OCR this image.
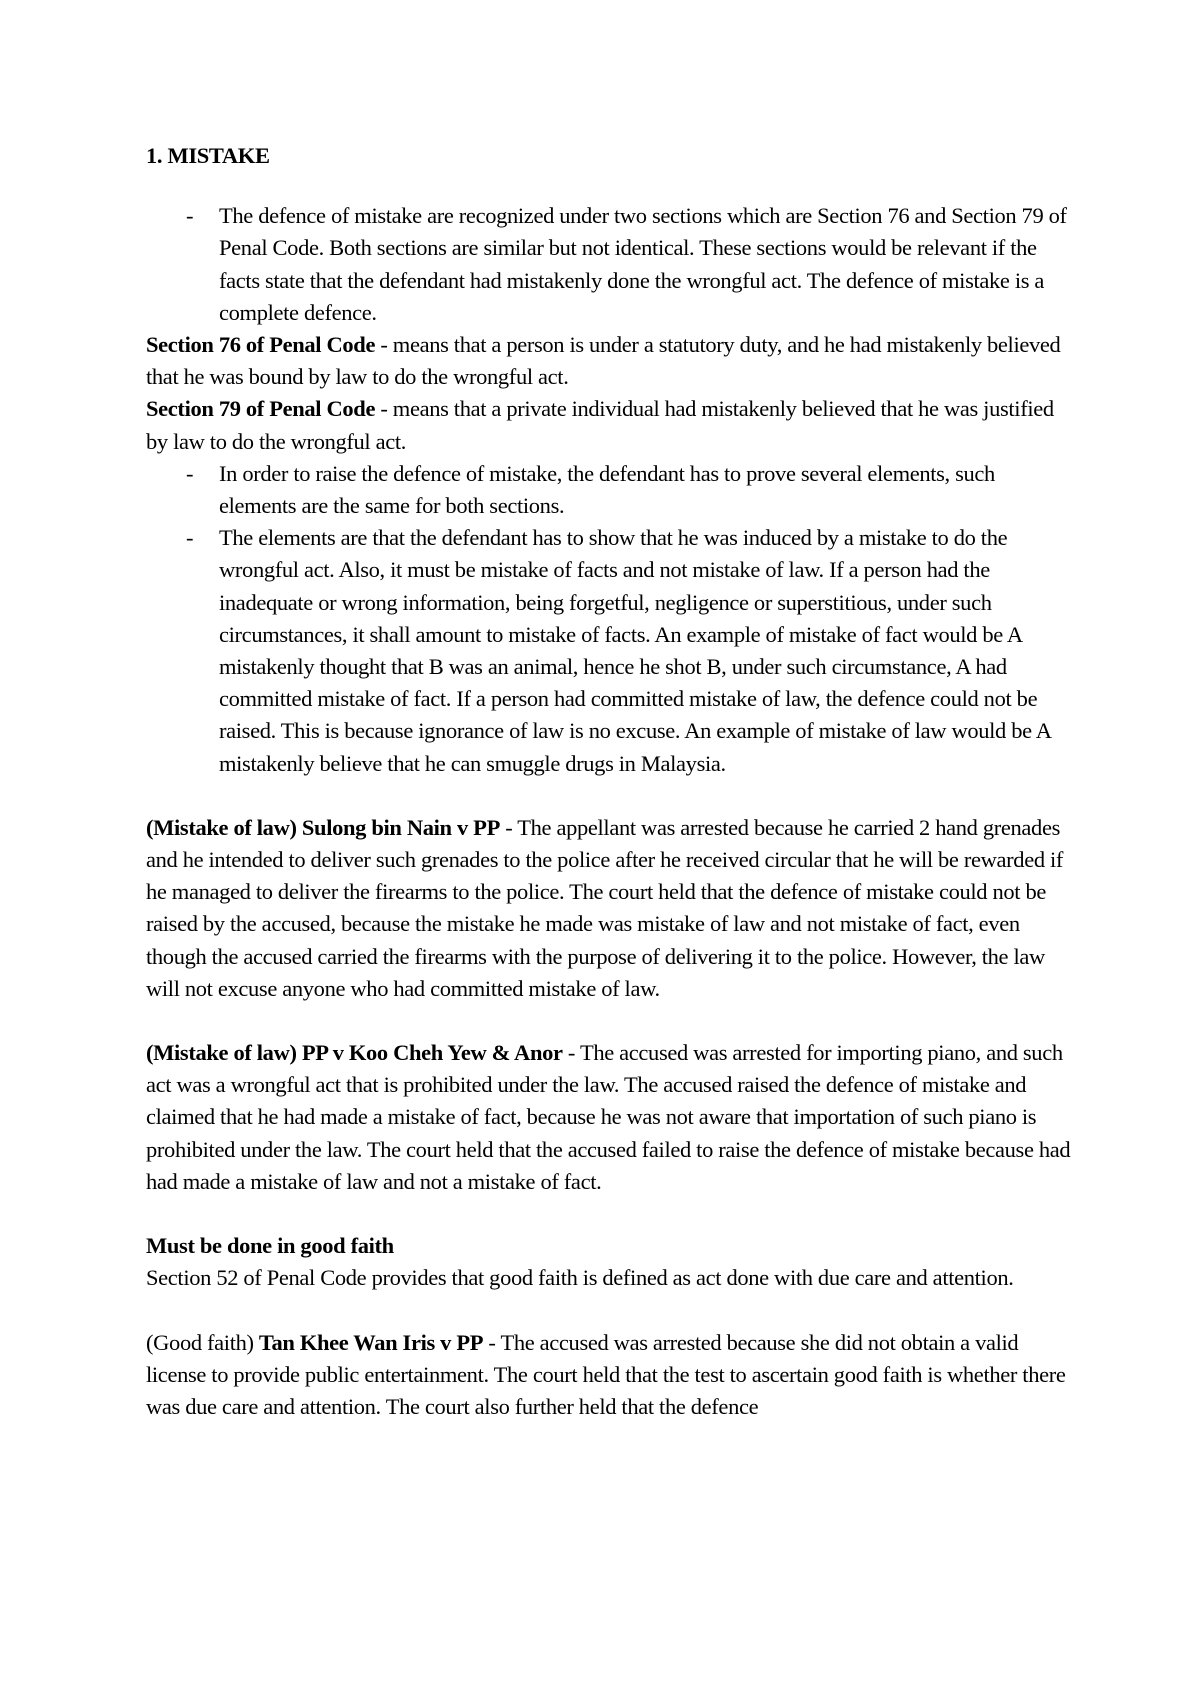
1. MISTAKE

- The defence of mistake are recognized under two sections which are Section 76 and Section 79 of Penal Code. Both sections are similar but not identical. These sections would be relevant if the facts state that the defendant had mistakenly done the wrongful act. The defence of mistake is a complete defence.

Section 76 of Penal Code - means that a person is under a statutory duty, and he had mistakenly believed that he was bound by law to do the wrongful act.

Section 79 of Penal Code - means that a private individual had mistakenly believed that he was justified by law to do the wrongful act.

- In order to raise the defence of mistake, the defendant has to prove several elements, such elements are the same for both sections.
- The elements are that the defendant has to show that he was induced by a mistake to do the wrongful act. Also, it must be mistake of facts and not mistake of law. If a person had the inadequate or wrong information, being forgetful, negligence or superstitious, under such circumstances, it shall amount to mistake of facts. An example of mistake of fact would be A mistakenly thought that B was an animal, hence he shot B, under such circumstance, A had committed mistake of fact. If a person had committed mistake of law, the defence could not be raised. This is because ignorance of law is no excuse. An example of mistake of law would be A mistakenly believe that he can smuggle drugs in Malaysia.

(Mistake of law) Sulong bin Nain v PP - The appellant was arrested because he carried 2 hand grenades and he intended to deliver such grenades to the police after he received circular that he will be rewarded if he managed to deliver the firearms to the police. The court held that the defence of mistake could not be raised by the accused, because the mistake he made was mistake of law and not mistake of fact, even though the accused carried the firearms with the purpose of delivering it to the police. However, the law will not excuse anyone who had committed mistake of law.

(Mistake of law) PP v Koo Cheh Yew & Anor - The accused was arrested for importing piano, and such act was a wrongful act that is prohibited under the law. The accused raised the defence of mistake and claimed that he had made a mistake of fact, because he was not aware that importation of such piano is prohibited under the law. The court held that the accused failed to raise the defence of mistake because had had made a mistake of law and not a mistake of fact.

Must be done in good faith

Section 52 of Penal Code provides that good faith is defined as act done with due care and attention.

(Good faith) Tan Khee Wan Iris v PP - The accused was arrested because she did not obtain a valid license to provide public entertainment. The court held that the test to ascertain good faith is whether there was due care and attention. The court also further held that the defence
